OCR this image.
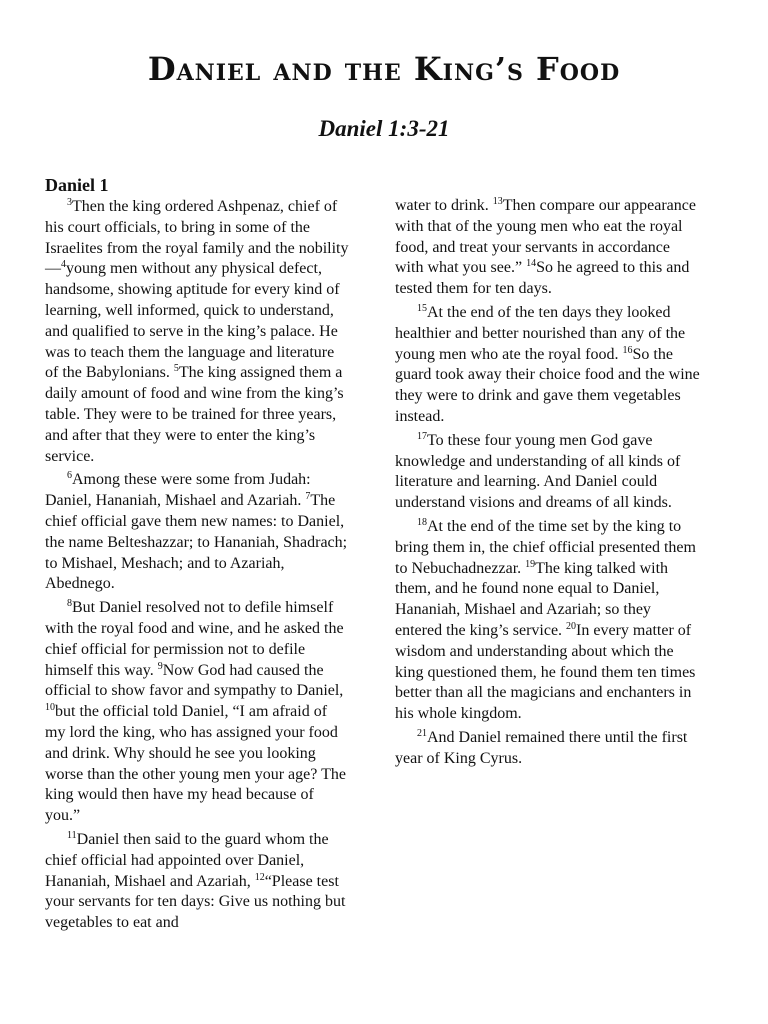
Daniel and the King’s Food
Daniel 1:3-21
Daniel 1

$^3$Then the king ordered Ashpenaz, chief of his court officials, to bring in some of the Israelites from the royal family and the nobility—$^4$young men without any physical defect, handsome, showing aptitude for every kind of learning, well informed, quick to understand, and qualified to serve in the king’s palace. He was to teach them the language and literature of the Babylonians. $^5$The king assigned them a daily amount of food and wine from the king’s table. They were to be trained for three years, and after that they were to enter the king’s service.

$^6$Among these were some from Judah: Daniel, Hananiah, Mishael and Azariah. $^7$The chief official gave them new names: to Daniel, the name Belteshazzar; to Hananiah, Shadrach; to Mishael, Meshach; and to Azariah, Abednego.

$^8$But Daniel resolved not to defile himself with the royal food and wine, and he asked the chief official for permission not to defile himself this way. $^9$Now God had caused the official to show favor and sympathy to Daniel, $^{10}$but the official told Daniel, “I am afraid of my lord the king, who has assigned your food and drink. Why should he see you looking worse than the other young men your age? The king would then have my head because of you.”

$^{11}$Daniel then said to the guard whom the chief official had appointed over Daniel, Hananiah, Mishael and Azariah, $^{12}$“Please test your servants for ten days: Give us nothing but vegetables to eat and

water to drink. $^{13}$Then compare our appearance with that of the young men who eat the royal food, and treat your servants in accordance with what you see.” $^{14}$So he agreed to this and tested them for ten days.

$^{15}$At the end of the ten days they looked healthier and better nourished than any of the young men who ate the royal food. $^{16}$So the guard took away their choice food and the wine they were to drink and gave them vegetables instead.

$^{17}$To these four young men God gave knowledge and understanding of all kinds of literature and learning. And Daniel could understand visions and dreams of all kinds.

$^{18}$At the end of the time set by the king to bring them in, the chief official presented them to Nebuchadnezzar. $^{19}$The king talked with them, and he found none equal to Daniel, Hananiah, Mishael and Azariah; so they entered the king’s service. $^{20}$In every matter of wisdom and understanding about which the king questioned them, he found them ten times better than all the magicians and enchanters in his whole kingdom.

$^{21}$And Daniel remained there until the first year of King Cyrus.
